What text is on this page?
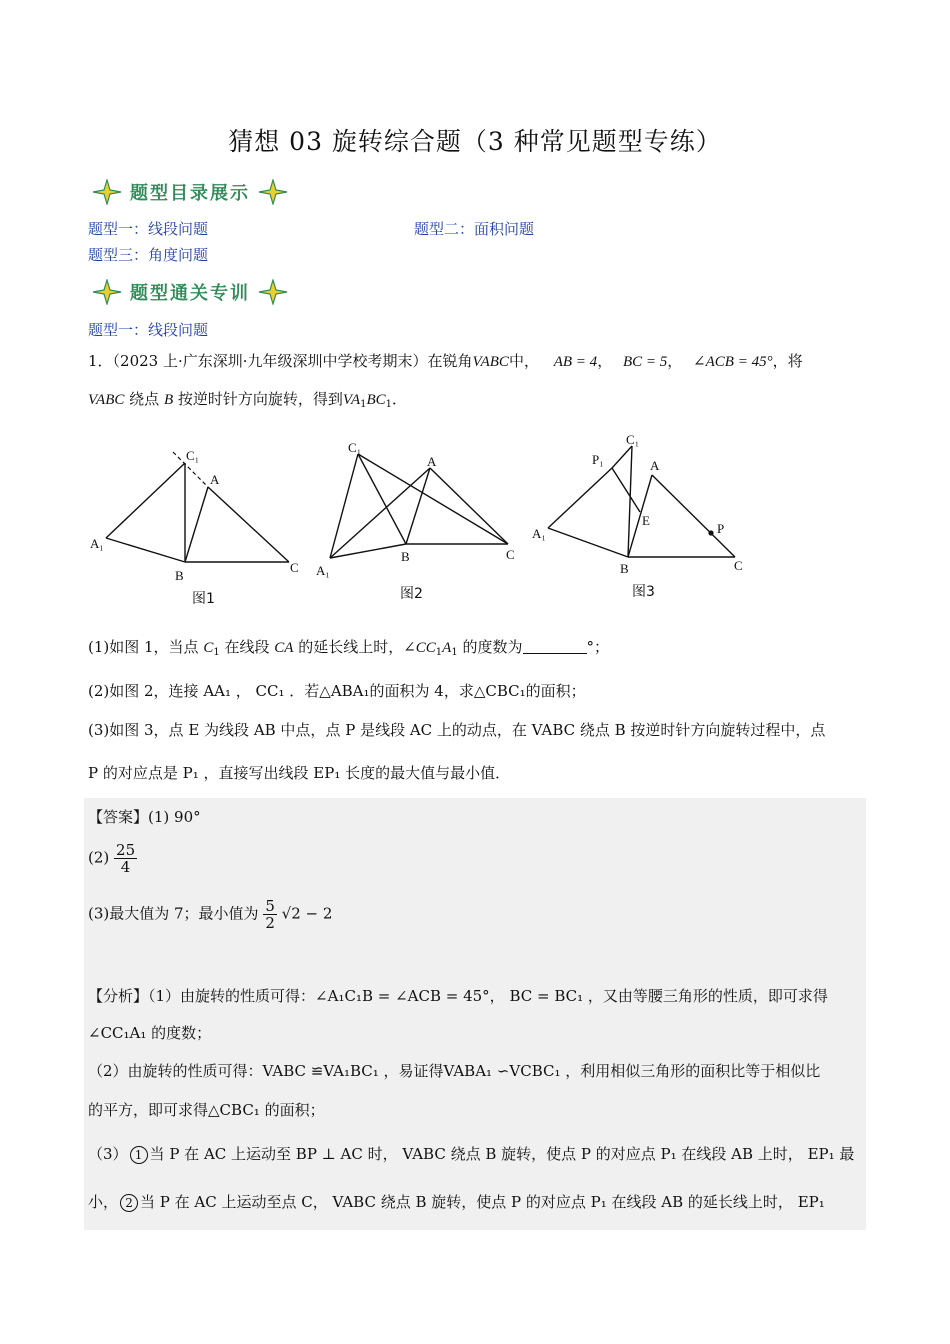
猜想 03 旋转综合题（3 种常见题型专练）
题型目录展示
题型一：线段问题	题型二：面积问题
题型三：角度问题
题型通关专训
题型一：线段问题
1．（2023 上·广东深圳·九年级深圳中学校考期末）在锐角VABC中， AB = 4， BC = 5， ∠ACB = 45°，将
VABC 绕点 B 按逆时针方向旋转，得到$VA_1BC_1$．
A₁
C₁
A
B
C
图1
C₁
A
A₁
B	C
图2
P₁
C₁
A
E
P
A₁
B	C
图3
(1)如图 1，当点 $C_1$ 在线段 CA 的延长线上时，$\angle CC_1A_1$ 的度数为	°；
(2)如图 2，连接 AA₁ ， CC₁ ．若△ABA₁的面积为 4，求△CBC₁的面积；
(3)如图 3，点 E 为线段 AB 中点，点 P 是线段 AC 上的动点，在 VABC 绕点 B 按逆时针方向旋转过程中，点
P 的对应点是 P₁ ，直接写出线段 EP₁ 长度的最大值与最小值．
【答案】(1) 90°
$(2) \frac{25}{4}$
(3)最大值为 7；最小值为 $\frac{5}{2} √2 - 2$
【分析】（1）由旋转的性质可得：∠A₁C₁B = ∠ACB = 45°， BC = BC₁ ，又由等腰三角形的性质，即可求得
∠CC₁A₁ 的度数；
（2）由旋转的性质可得：VABC ≌VA₁BC₁ ，易证得VABA₁ ∽VCBC₁ ，利用相似三角形的面积比等于相似比
的平方，即可求得△CBC₁ 的面积；
（3） 1 当 P 在 AC 上运动至 BP ⊥ AC 时， VABC 绕点 B 旋转，使点 P 的对应点 P₁ 在线段 AB 上时， EP₁ 最
小， 2 当 P 在 AC 上运动至点 C， VABC 绕点 B 旋转，使点 P 的对应点 P₁ 在线段 AB 的延长线上时， EP₁
